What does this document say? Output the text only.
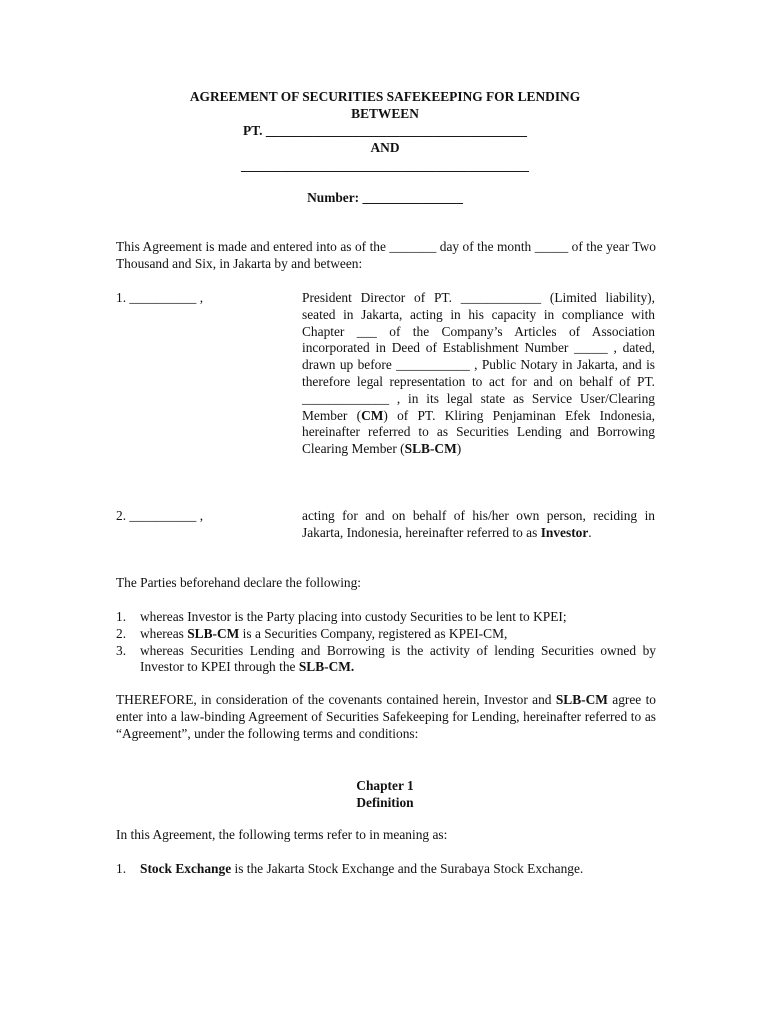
AGREEMENT OF SECURITIES SAFEKEEPING FOR LENDING
BETWEEN
PT. _______________________________________
AND
___________________________________________
Number: _______________
This Agreement is made and entered into as of the _______ day of the month _____ of the year Two Thousand and Six, in Jakarta by and between:
1. __________ ,	President Director of PT. ____________ (Limited liability), seated in Jakarta, acting in his capacity in compliance with Chapter ___ of the Company’s Articles of Association incorporated in Deed of Establishment Number _____ , dated, drawn up before ___________ , Public Notary in Jakarta, and is therefore legal representation to act for and on behalf of PT. _____________ , in its legal state as Service User/Clearing Member (CM) of PT. Kliring Penjaminan Efek Indonesia, hereinafter referred to as Securities Lending and Borrowing Clearing Member (SLB-CM)
2. __________ ,	acting for and on behalf of his/her own person, reciding in Jakarta, Indonesia, hereinafter referred to as Investor.
The Parties beforehand declare the following:
1. whereas Investor is the Party placing into custody Securities to be lent to KPEI;
2. whereas SLB-CM is a Securities Company, registered as KPEI-CM,
3. whereas Securities Lending and Borrowing is the activity of lending Securities owned by Investor to KPEI through the SLB-CM.
THEREFORE, in consideration of the covenants contained herein, Investor and SLB-CM agree to enter into a law-binding Agreement of Securities Safekeeping for Lending, hereinafter referred to as “Agreement”, under the following terms and conditions:
Chapter 1
Definition
In this Agreement, the following terms refer to in meaning as:
1. Stock Exchange is the Jakarta Stock Exchange and the Surabaya Stock Exchange.
